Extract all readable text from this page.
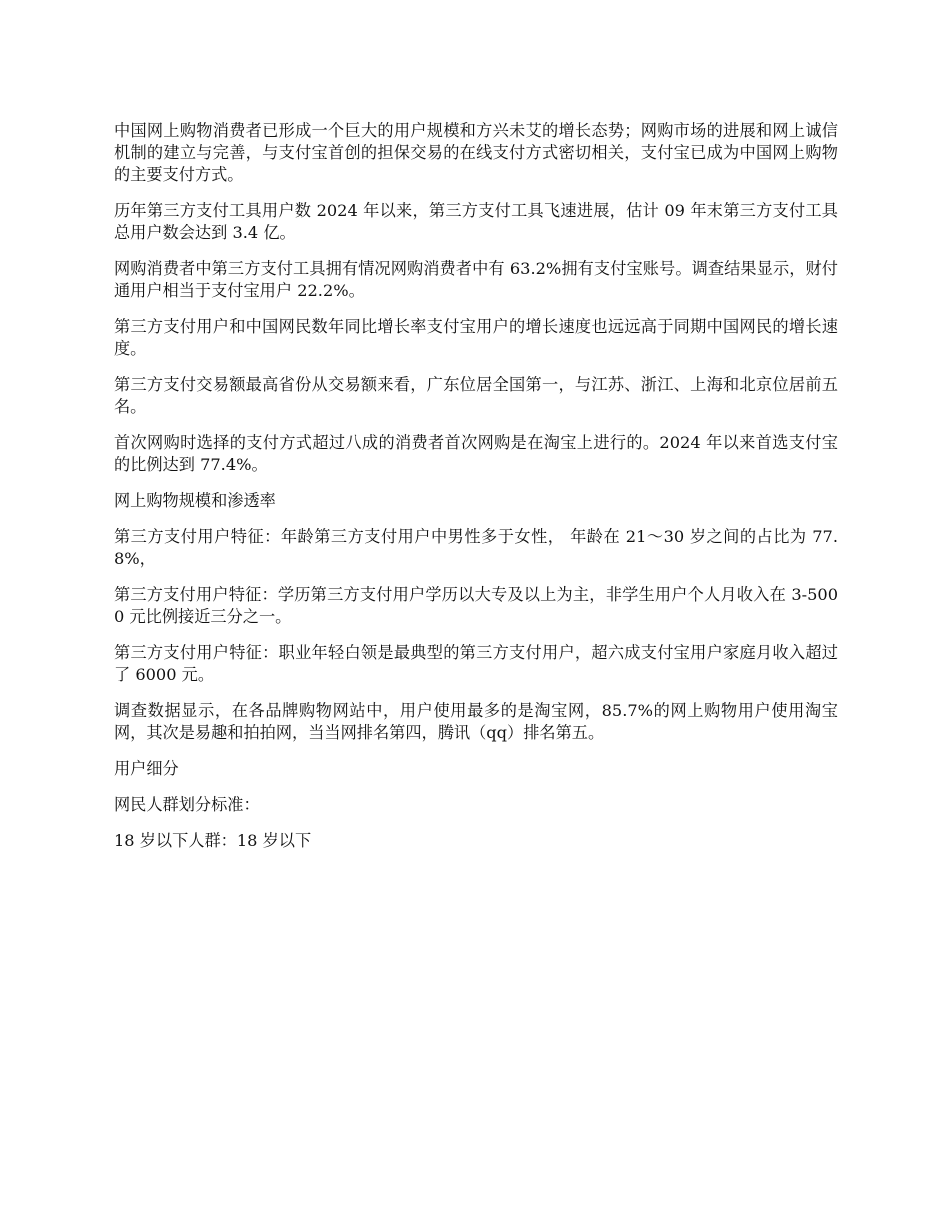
中国网上购物消费者已形成一个巨大的用户规模和方兴未艾的增长态势；网购市场的进展和网上诚信机制的建立与完善，与支付宝首创的担保交易的在线支付方式密切相关，支付宝已成为中国网上购物的主要支付方式。

历年第三方支付工具用户数 2024 年以来，第三方支付工具飞速进展，估计 09 年末第三方支付工具总用户数会达到 3.4 亿。

网购消费者中第三方支付工具拥有情况网购消费者中有 63.2%拥有支付宝账号。调查结果显示，财付通用户相当于支付宝用户 22.2%。

第三方支付用户和中国网民数年同比增长率支付宝用户的增长速度也远远高于同期中国网民的增长速度。

第三方支付交易额最高省份从交易额来看，广东位居全国第一，与江苏、浙江、上海和北京位居前五名。

首次网购时选择的支付方式超过八成的消费者首次网购是在淘宝上进行的。2024 年以来首选支付宝的比例达到 77.4%。

网上购物规模和渗透率

第三方支付用户特征：年龄第三方支付用户中男性多于女性， 年龄在 21～30 岁之间的占比为 77.8%，

第三方支付用户特征：学历第三方支付用户学历以大专及以上为主，非学生用户个人月收入在 3-5000 元比例接近三分之一。

第三方支付用户特征：职业年轻白领是最典型的第三方支付用户，超六成支付宝用户家庭月收入超过了 6000 元。

调查数据显示，在各品牌购物网站中，用户使用最多的是淘宝网，85.7%的网上购物用户使用淘宝网，其次是易趣和拍拍网，当当网排名第四，腾讯（qq）排名第五。

用户细分

网民人群划分标准：

18 岁以下人群：18 岁以下
